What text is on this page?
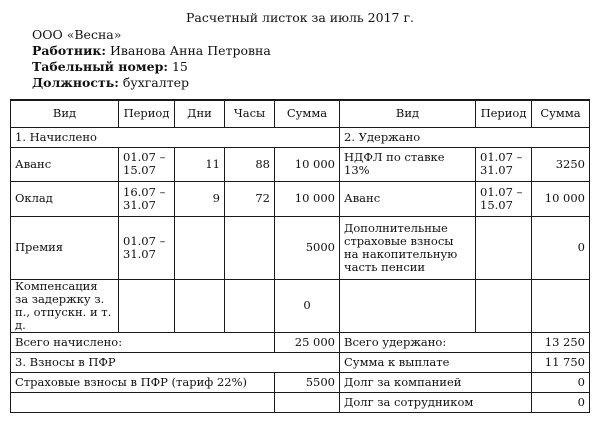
Расчетный листок за июль 2017 г.
ООО «Весна»
Работник: Иванова Анна Петровна
Табельный номер: 15
Должность: бухгалтер
Вид	Период	Дни	Часы	Сумма	Вид	Период	Сумма
1. Начислено					2. Удержано		
Аванс	01.07 – 15.07	11	88	10 000	НДФЛ по ставке 13%	01.07 – 31.07	3250
Оклад	16.07 – 31.07	9	72	10 000	Аванс	01.07 – 15.07	10 000
Премия	01.07 – 31.07			5000	Дополнительные страховые взносы на накопительную часть пенсии		0
Компенсация за задержку з. п., отпускн. и т. д.				0			
Всего начислено:				25 000	Всего удержано:		13 250
3. Взносы в ПФР					Сумма к выплате		11 750
Страховые взносы в ПФР (тариф 22%)				5500	Долг за компанией		0
					Долг за сотрудником		0
